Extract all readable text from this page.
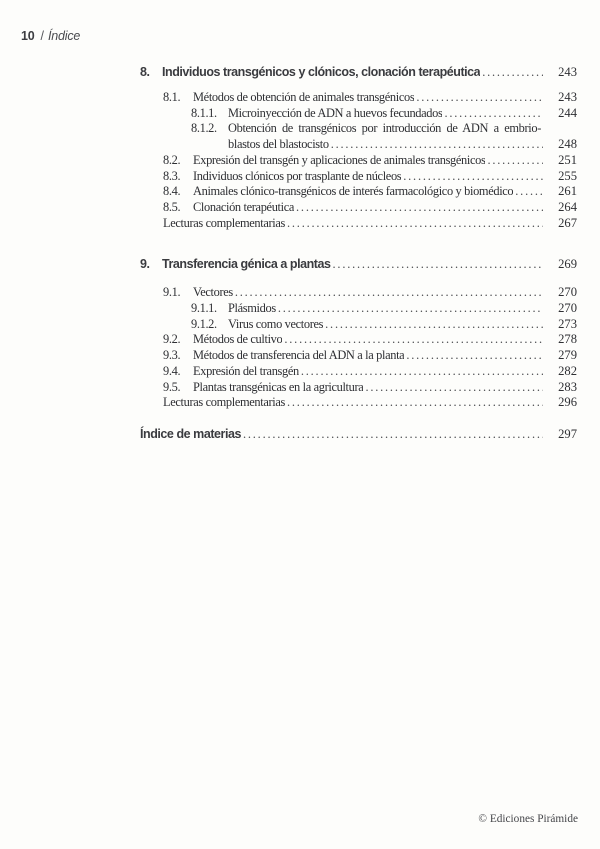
10 / Índice
8. Individuos transgénicos y clónicos, clonación terapéutica .....	243
8.1.	Métodos de obtención de animales transgénicos .....	243
8.1.1. Microinyección de ADN a huevos fecundados .....	244
8.1.2. Obtención de transgénicos por introducción de ADN a embrio-
blastos del blastocisto .....	248
8.2.	Expresión del transgén y aplicaciones de animales transgénicos .....	251
8.3.	Individuos clónicos por trasplante de núcleos .....	255
8.4.	Animales clónico-transgénicos de interés farmacológico y biomédico .....	261
8.5.	Clonación terapéutica .....	264
Lecturas complementarias .....	267
9. Transferencia génica a plantas .....	269
9.1.	Vectores .....	270
9.1.1. Plásmidos .....	270
9.1.2. Virus como vectores .....	273
9.2.	Métodos de cultivo .....	278
9.3.	Métodos de transferencia del ADN a la planta .....	279
9.4.	Expresión del transgén .....	282
9.5.	Plantas transgénicas en la agricultura .....	283
Lecturas complementarias .....	296
Índice de materias .....	297
© Ediciones Pirámide
